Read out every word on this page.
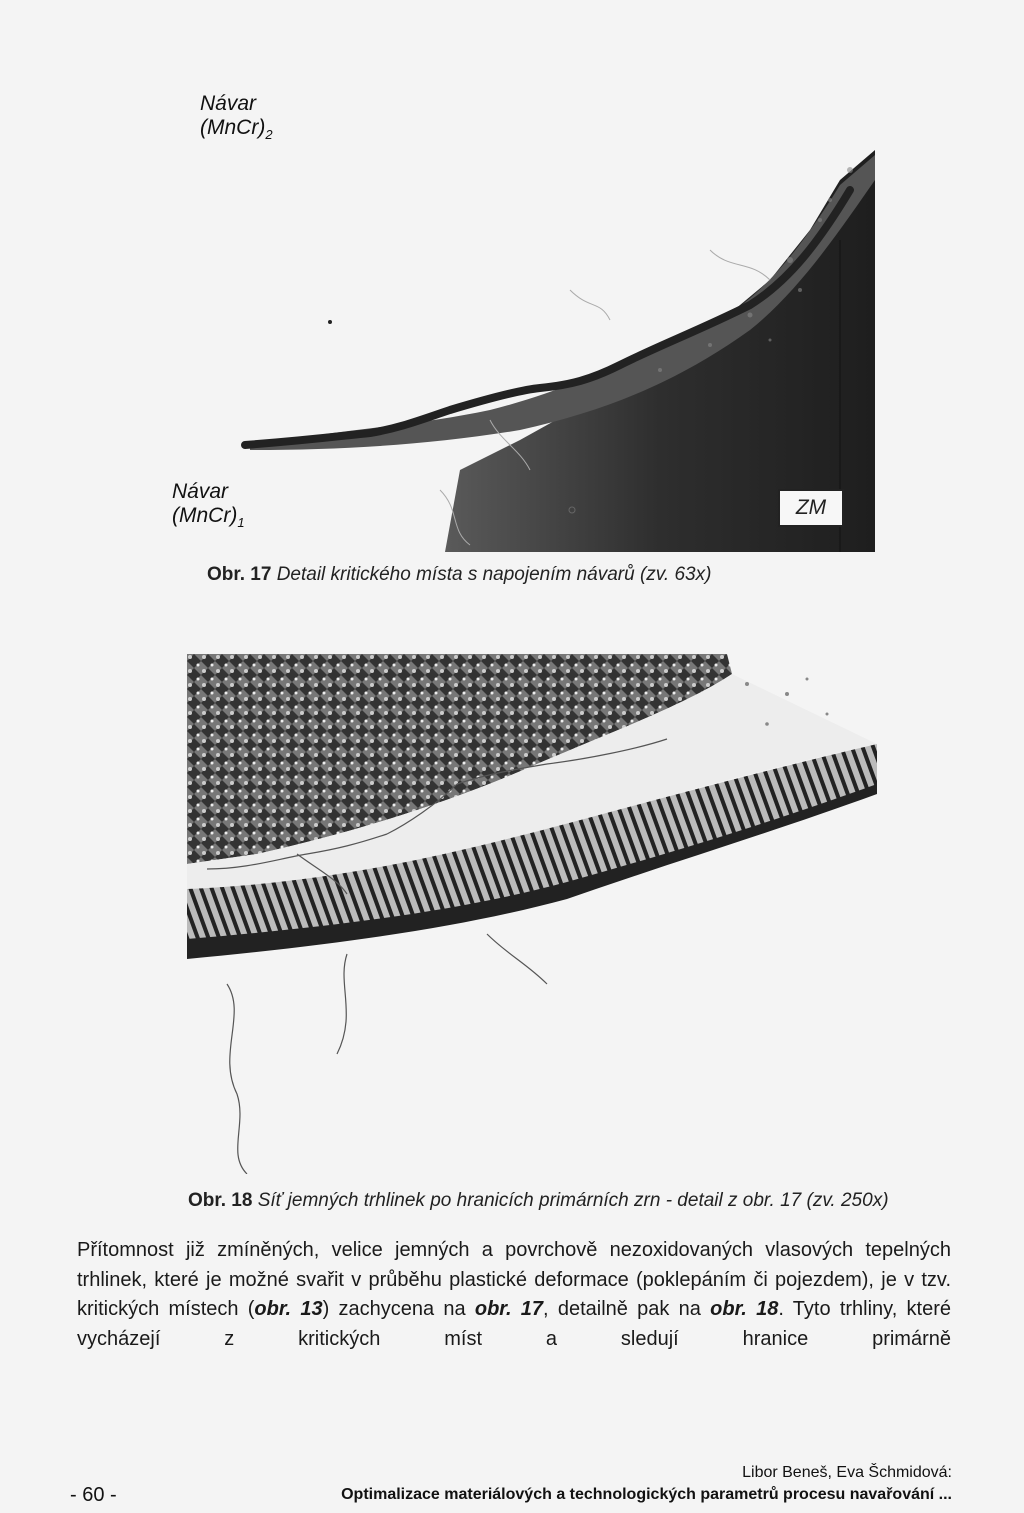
Návar
$(MnCr)_2$
Návar
$(MnCr)_1$
ZM
Obr. 17 Detail kritického místa s napojením návarů (zv. 63x)
Obr. 18 Síť jemných trhlinek po hranicích primárních zrn - detail z obr. 17 (zv. 250x)
Přítomnost již zmíněných, velice jemných a povrchově nezoxidovaných vlasových tepelných trhlinek, které je možné svařit v průběhu plastické deformace (poklepáním či pojezdem), je v tzv. kritických místech (obr. 13) zachycena na obr. 17, detailně pak na obr. 18. Tyto trhliny, které vycházejí z kritických míst a sledují hranice primárně
- 60 -
Libor Beneš, Eva Šchmidová:
Optimalizace materiálových a technologických parametrů procesu navařování ...
